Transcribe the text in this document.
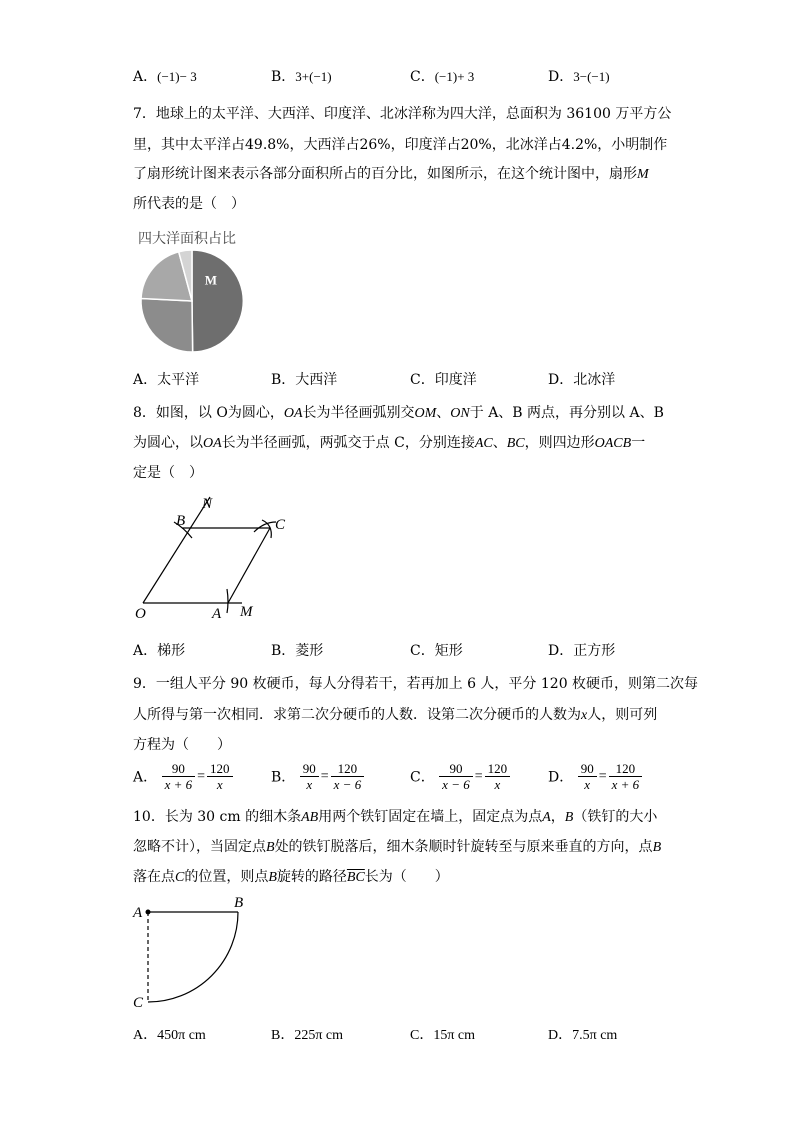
A．(−1)− 3	B．3+(−1)	C．(−1)+ 3	D．3−(−1)
7．地球上的太平洋、大西洋、印度洋、北冰洋称为四大洋，总面积为 36100 万平方公
里，其中太平洋占49.8%，大西洋占26%，印度洋占20%，北冰洋占4.2%，小明制作
了扇形统计图来表示各部分面积所占的百分比，如图所示，在这个统计图中，扇形M
所代表的是（　）
四大洋面积占比
M
A．太平洋	B．大西洋	C．印度洋	D．北冰洋
8．如图，以 O为圆心，OA长为半径画弧别交OM、ON于 A、B 两点，再分别以 A、B
为圆心，以OA长为半径画弧，两弧交于点 C，分别连接AC、BC，则四边形OACB一
定是（　）
N
B	C
O	A M
A．梯形	B．菱形	C．矩形	D．正方形
9．一组人平分 90 枚硬币，每人分得若干，若再加上 6 人，平分 120 枚硬币，则第二次每
人所得与第一次相同．求第二次分硬币的人数．设第二次分硬币的人数为x人，则可列
方程为（　　）
A． $\frac{90}{x + 6} = \frac{120}{x}$	B． $\frac{90}{x} = \frac{120}{x - 6}$	C． $\frac{90}{x - 6} = \frac{120}{x}$	D． $\frac{90}{x} = \frac{120}{x + 6}$
10．长为 30 cm 的细木条AB用两个铁钉固定在墙上，固定点为点A，B（铁钉的大小
忽略不计），当固定点B处的铁钉脱落后，细木条顺时针旋转至与原来垂直的方向，点B
落在点C的位置，则点B旋转的路径$\overline{BC}$长为（　　）
A
B
C
A．450π cm	B．225π cm	C．15π cm	D．7.5π cm
